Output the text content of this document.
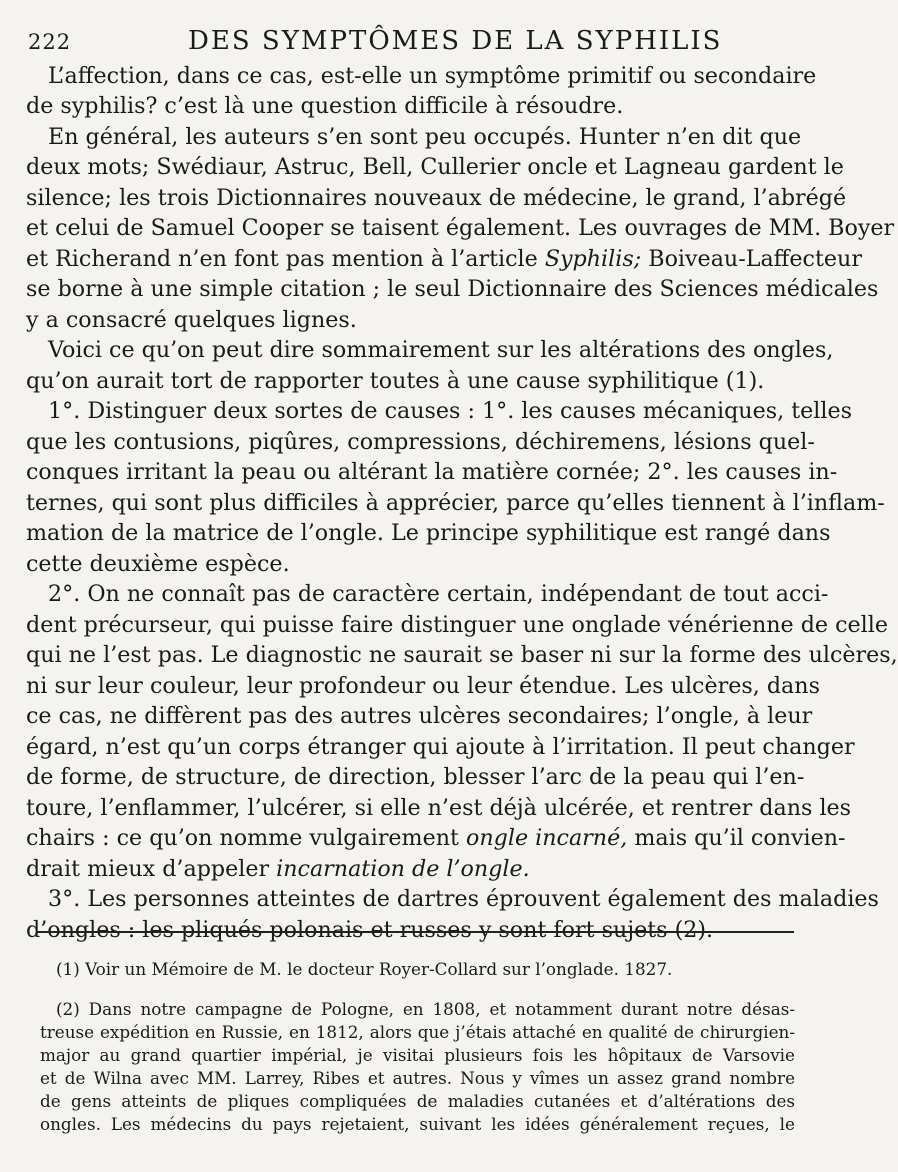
222	DES SYMPTÔMES DE LA SYPHILIS
L’affection, dans ce cas, est-elle un symptôme primitif ou secondaire
de syphilis? c’est là une question difficile à résoudre.
En général, les auteurs s’en sont peu occupés. Hunter n’en dit que
deux mots; Swédiaur, Astruc, Bell, Cullerier oncle et Lagneau gardent le
silence; les trois Dictionnaires nouveaux de médecine, le grand, l’abrégé
et celui de Samuel Cooper se taisent également. Les ouvrages de MM. Boyer
et Richerand n’en font pas mention à l’article Syphilis; Boiveau-Laffecteur
se borne à une simple citation ; le seul Dictionnaire des Sciences médicales
y a consacré quelques lignes.
Voici ce qu’on peut dire sommairement sur les altérations des ongles,
qu’on aurait tort de rapporter toutes à une cause syphilitique (1).
1°. Distinguer deux sortes de causes : 1°. les causes mécaniques, telles
que les contusions, piqûres, compressions, déchiremens, lésions quel-
conques irritant la peau ou altérant la matière cornée; 2°. les causes in-
ternes, qui sont plus difficiles à apprécier, parce qu’elles tiennent à l’inflam-
mation de la matrice de l’ongle. Le principe syphilitique est rangé dans
cette deuxième espèce.
2°. On ne connaît pas de caractère certain, indépendant de tout acci-
dent précurseur, qui puisse faire distinguer une onglade vénérienne de celle
qui ne l’est pas. Le diagnostic ne saurait se baser ni sur la forme des ulcères,
ni sur leur couleur, leur profondeur ou leur étendue. Les ulcères, dans
ce cas, ne diffèrent pas des autres ulcères secondaires; l’ongle, à leur
égard, n’est qu’un corps étranger qui ajoute à l’irritation. Il peut changer
de forme, de structure, de direction, blesser l’arc de la peau qui l’en-
toure, l’enflammer, l’ulcérer, si elle n’est déjà ulcérée, et rentrer dans les
chairs : ce qu’on nomme vulgairement ongle incarné, mais qu’il convien-
drait mieux d’appeler incarnation de l’ongle.
3°. Les personnes atteintes de dartres éprouvent également des maladies
d’ongles : les pliqués polonais et russes y sont fort sujets (2).
(1) Voir un Mémoire de M. le docteur Royer-Collard sur l’onglade. 1827.
(2) Dans notre campagne de Pologne, en 1808, et notamment durant notre désas-
treuse expédition en Russie, en 1812, alors que j’étais attaché en qualité de chirurgien-
major au grand quartier impérial, je visitai plusieurs fois les hôpitaux de Varsovie
et de Wilna avec MM. Larrey, Ribes et autres. Nous y vîmes un assez grand nombre
de gens atteints de pliques compliquées de maladies cutanées et d’altérations des
ongles. Les médecins du pays rejetaient, suivant les idées généralement reçues, le
